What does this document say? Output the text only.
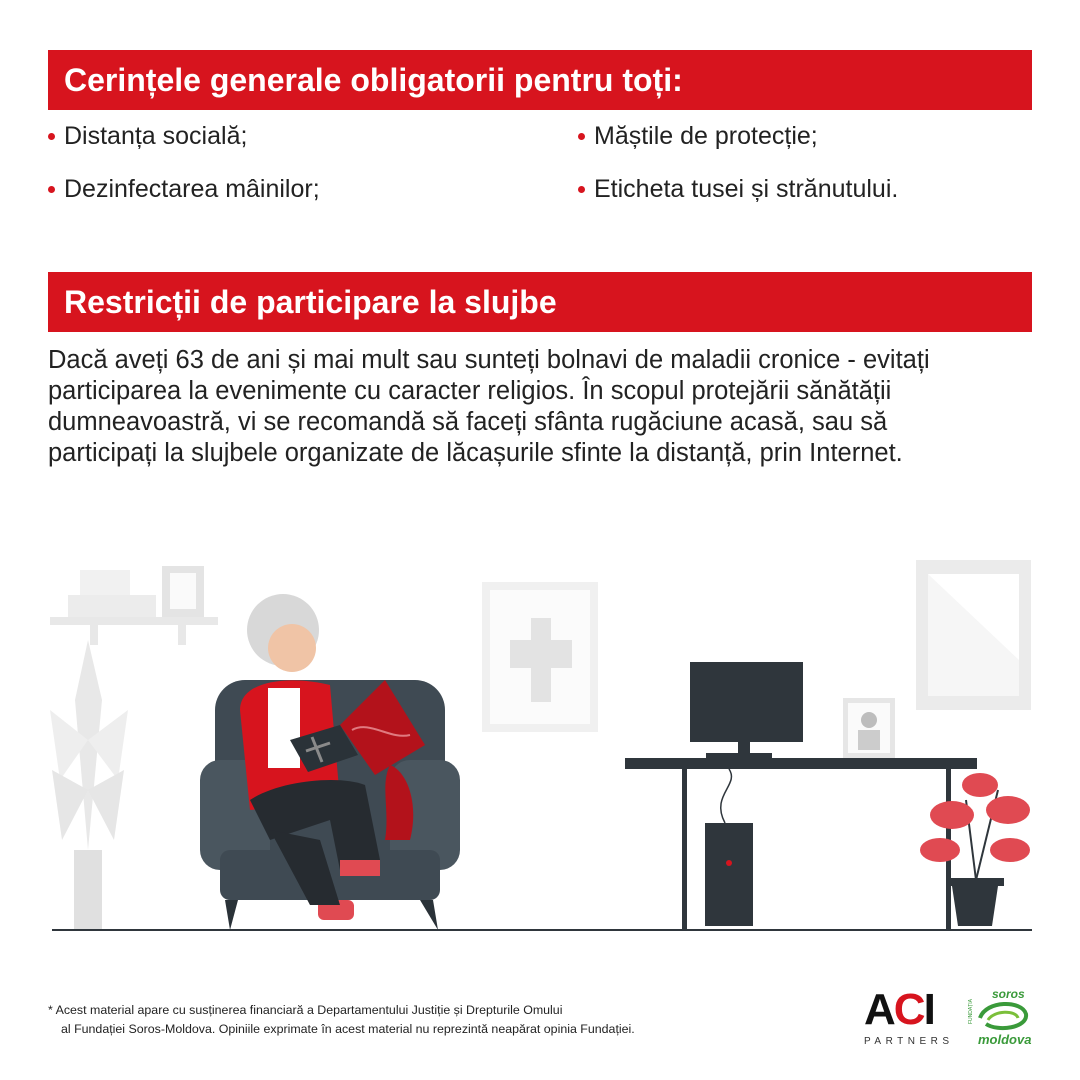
Cerințele generale obligatorii pentru toți:
Distanța socială;
Dezinfectarea mâinilor;
Măștile de protecție;
Eticheta tusei și strănutului.
Restricții de participare la slujbe

Dacă aveți 63 de ani și mai mult sau sunteți bolnavi de maladii cronice - evitați
participarea la evenimente cu caracter religios. În scopul protejării sănătății
dumneavoastră, vi se recomandă să faceți sfânta rugăciune acasă, sau să
participați la slujbele organizate de lăcașurile sfinte la distanță, prin Internet.

* Acest material apare cu susținerea financiară a Departamentului Justiție și Drepturile Omului
al Fundației Soros-Moldova. Opiniile exprimate în acest material nu reprezintă neapărat opinia Fundației.	ACI
PARTNERS
FUNDAȚIA
soros
moldova
